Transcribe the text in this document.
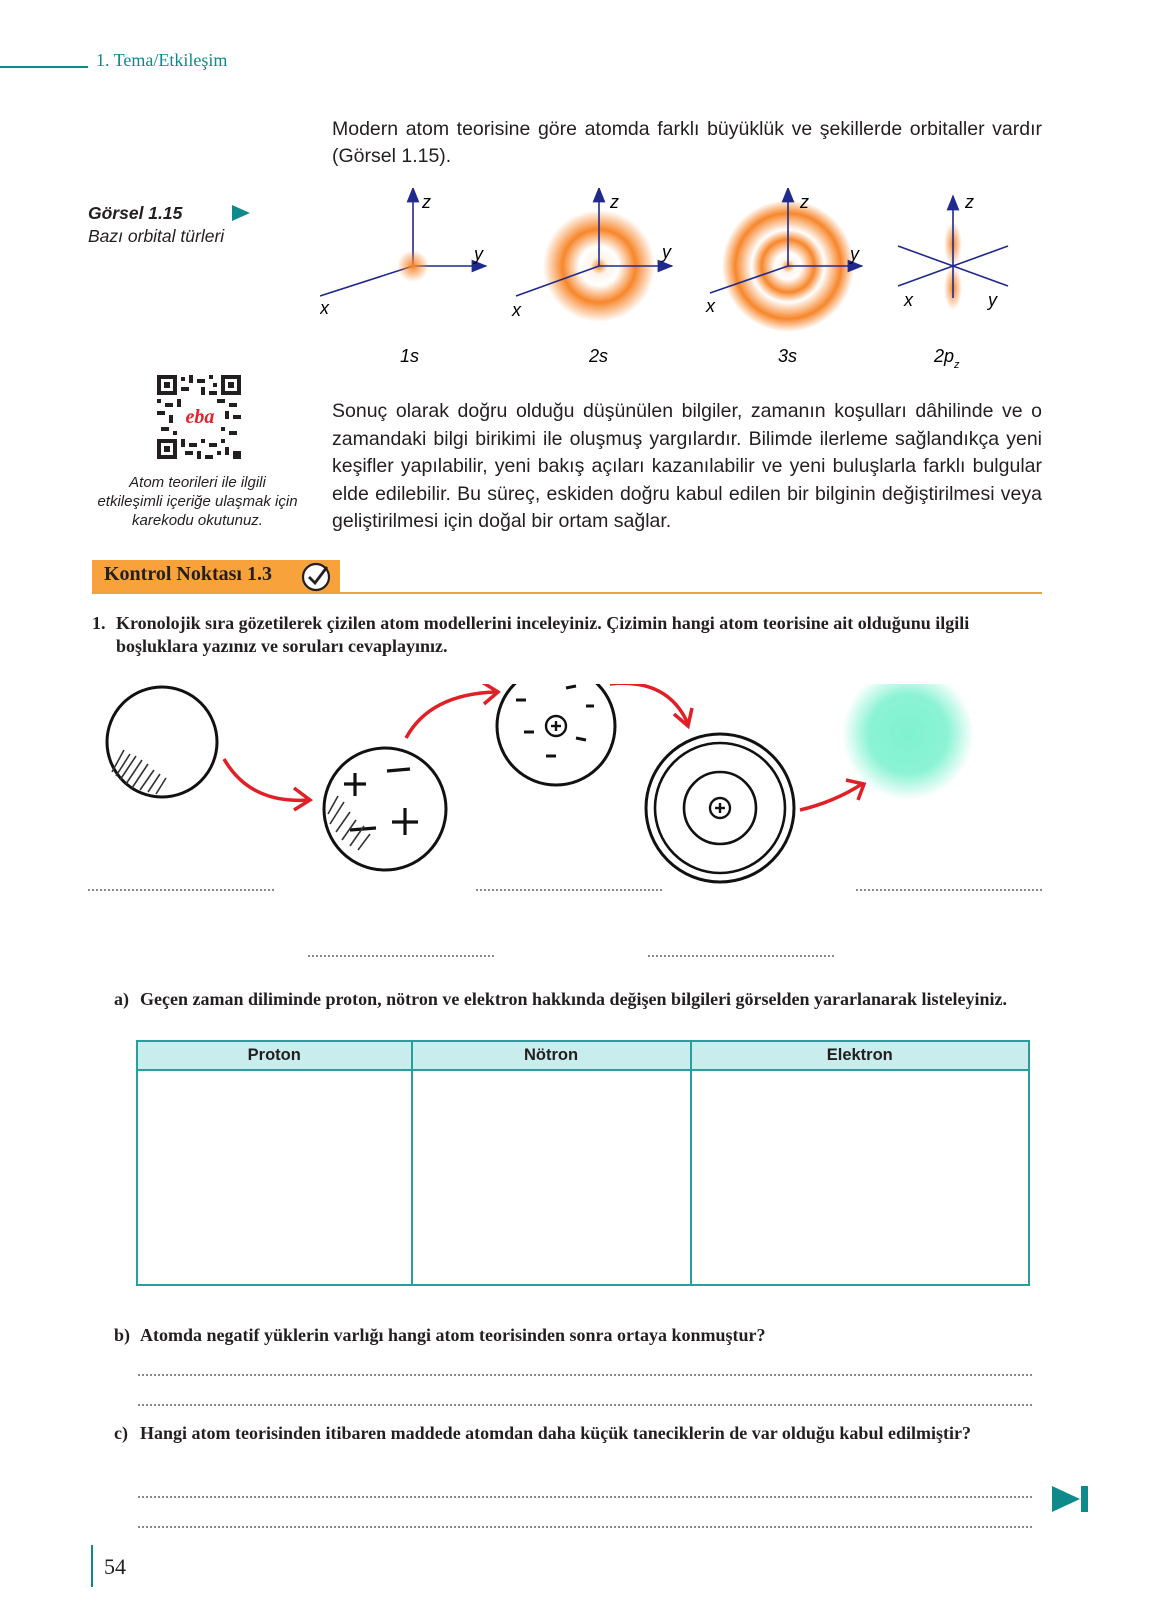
1. Tema/Etkileşim
Modern atom teorisine göre atomda farklı büyüklük ve şekillerde orbitaller vardır (Görsel 1.15).
Görsel 1.15
Bazı orbital türleri
z
y
x
z
y
x
z
y
x
z
y
x
1s	2s	3s	$2p_z$
eba
Atom teorileri ile ilgili etkileşimli içeriğe ulaşmak için karekodu okutunuz.
Sonuç olarak doğru olduğu düşünülen bilgiler, zamanın koşulları dâhilinde ve o zamandaki bilgi birikimi ile oluşmuş yargılardır. Bilimde ilerleme sağlandıkça yeni keşifler yapılabilir, yeni bakış açıları kazanılabilir ve yeni buluşlarla farklı bulgular elde edilebilir. Bu süreç, eskiden doğru kabul edilen bir bilginin değiştirilmesi veya geliştirilmesi için doğal bir ortam sağlar.
Kontrol Noktası 1.3
1. Kronolojik sıra gözetilerek çizilen atom modellerini inceleyiniz. Çizimin hangi atom teorisine ait olduğunu ilgili boşluklara yazınız ve soruları cevaplayınız.
a) Geçen zaman diliminde proton, nötron ve elektron hakkında değişen bilgileri görselden yararlanarak listeleyiniz.
Proton	Nötron	Elektron

b) Atomda negatif yüklerin varlığı hangi atom teorisinden sonra ortaya konmuştur?
c) Hangi atom teorisinden itibaren maddede atomdan daha küçük taneciklerin de var olduğu kabul edilmiştir?
54
